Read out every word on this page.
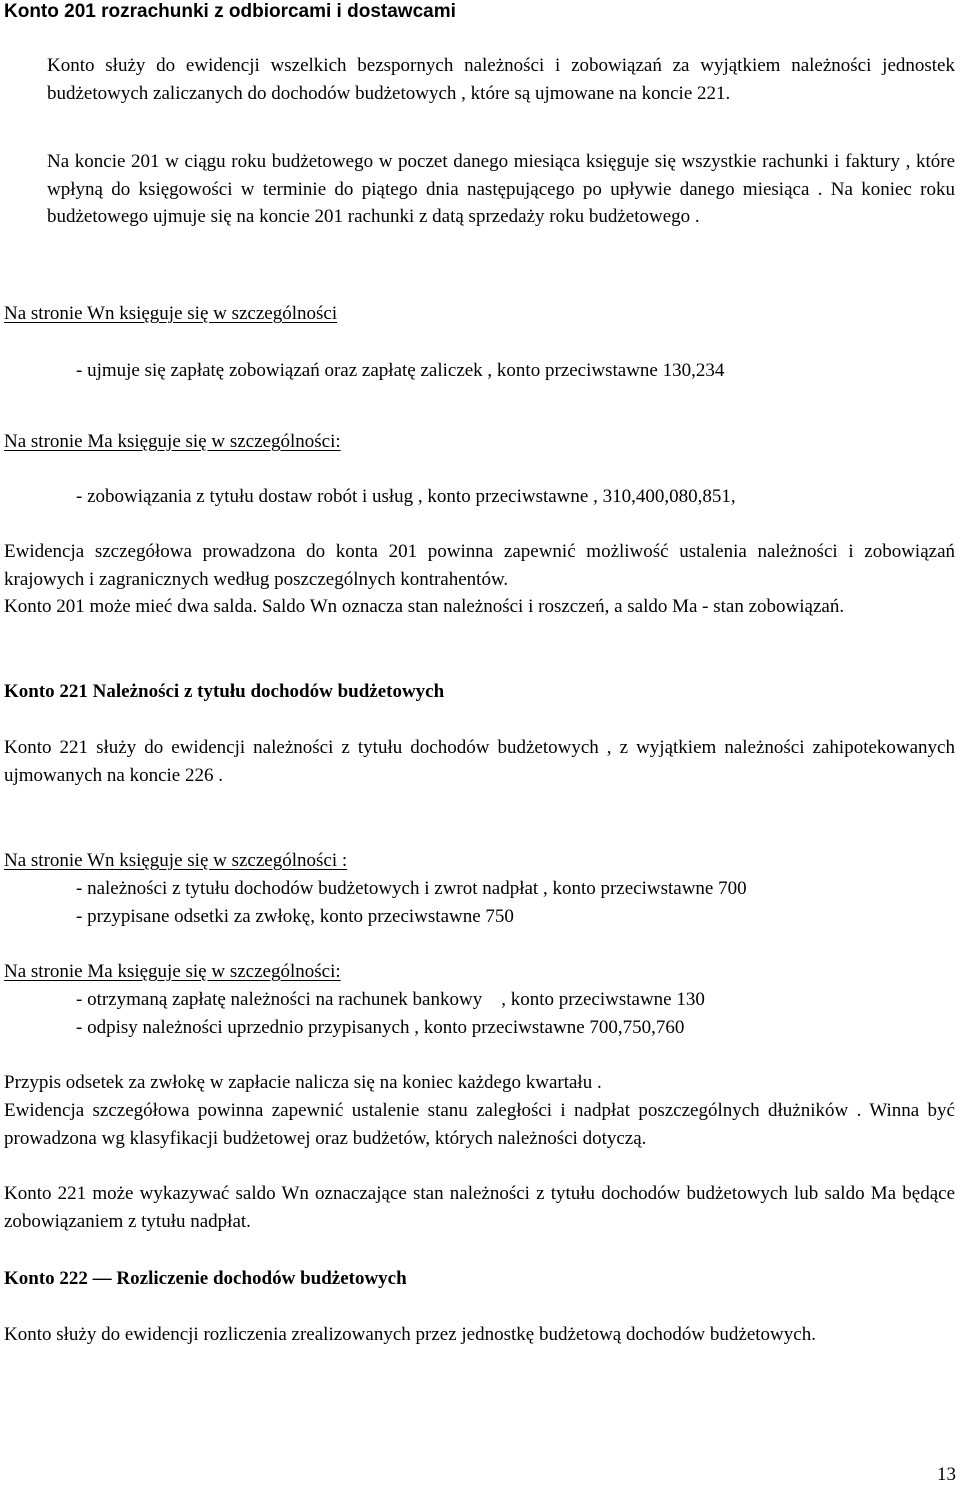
Konto 201 rozrachunki z odbiorcami i dostawcami
Konto służy do ewidencji wszelkich bezspornych należności i zobowiązań za wyjątkiem należności jednostek budżetowych zaliczanych do dochodów budżetowych , które są ujmowane na koncie 221.
Na koncie 201 w ciągu roku budżetowego w poczet danego miesiąca księguje się wszystkie rachunki i faktury , które wpłyną do księgowości w terminie do piątego dnia następującego po upływie danego miesiąca . Na koniec roku budżetowego ujmuje się na koncie 201 rachunki z datą sprzedaży roku budżetowego .
Na stronie Wn księguje się w szczególności
- ujmuje się zapłatę zobowiązań oraz zapłatę zaliczek , konto przeciwstawne 130,234
Na stronie Ma księguje się w szczególności:
- zobowiązania z tytułu dostaw robót i usług , konto przeciwstawne , 310,400,080,851,
Ewidencja szczegółowa prowadzona do konta 201 powinna zapewnić możliwość ustalenia należności i zobowiązań krajowych i zagranicznych według poszczególnych kontrahentów.
Konto 201 może mieć dwa salda. Saldo Wn oznacza stan należności i roszczeń, a saldo Ma - stan zobowiązań.
Konto 221 Należności z tytułu dochodów budżetowych
Konto 221 służy do ewidencji należności z tytułu dochodów budżetowych , z wyjątkiem należności zahipotekowanych ujmowanych na koncie 226 .
Na stronie Wn księguje się w szczególności :
- należności z tytułu dochodów budżetowych i zwrot nadpłat , konto przeciwstawne 700
- przypisane odsetki za zwłokę, konto przeciwstawne 750
Na stronie Ma księguje się w szczególności:
- otrzymaną zapłatę należności na rachunek bankowy    , konto przeciwstawne 130
- odpisy należności uprzednio przypisanych , konto przeciwstawne 700,750,760
Przypis odsetek za zwłokę w zapłacie nalicza się na koniec każdego kwartału .
Ewidencja szczegółowa powinna zapewnić ustalenie stanu zaległości i nadpłat poszczególnych dłużników . Winna być prowadzona wg klasyfikacji budżetowej oraz budżetów, których należności dotyczą.
Konto 221 może wykazywać saldo Wn oznaczające stan należności z tytułu dochodów budżetowych lub saldo Ma będące zobowiązaniem z tytułu nadpłat.
Konto 222 — Rozliczenie dochodów budżetowych
Konto służy do ewidencji rozliczenia zrealizowanych przez jednostkę budżetową dochodów budżetowych.
13
